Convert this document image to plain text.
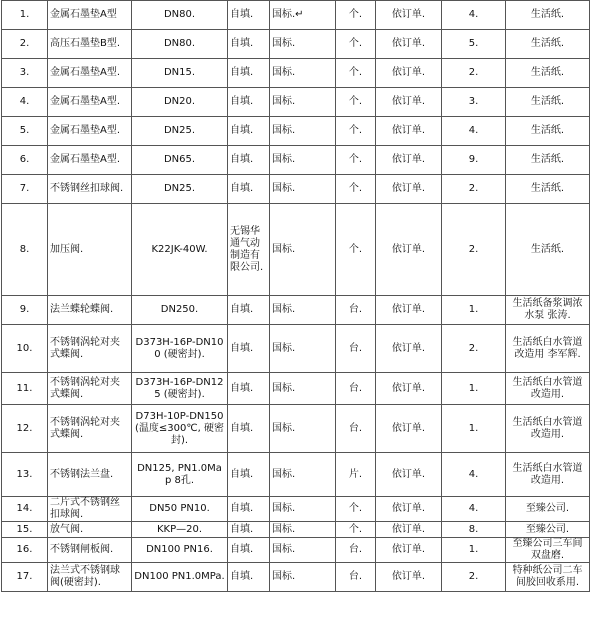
1.	金属石墨垫A型	DN80.	自填.	国标.↵	个.	依订单.	4.	生活纸.
2.	高压石墨垫B型.	DN80.	自填.	国标.	个.	依订单.	5.	生活纸.
3.	金属石墨垫A型.	DN15.	自填.	国标.	个.	依订单.	2.	生活纸.
4.	金属石墨垫A型.	DN20.	自填.	国标.	个.	依订单.	3.	生活纸.
5.	金属石墨垫A型.	DN25.	自填.	国标.	个.	依订单.	4.	生活纸.
6.	金属石墨垫A型.	DN65.	自填.	国标.	个.	依订单.	9.	生活纸.
7.	不锈钢丝扣球阀.	DN25.	自填.	国标.	个.	依订单.	2.	生活纸.
8.	加压阀.	K22JK-40W.	无锡华通气动制造有限公司.	国标.	个.	依订单.	2.	生活纸.
9.	法兰蝶轮蝶阀.	DN250.	自填.	国标.	台.	依订单.	1.	生活纸备浆调浓水泵 张涛.
10.	不锈钢涡轮对夹式蝶阀.	D373H-16P-DN100 (硬密封).	自填.	国标.	台.	依订单.	2.	生活纸白水管道改造用 李军辉.
11.	不锈钢涡轮对夹式蝶阀.	D373H-16P-DN125 (硬密封).	自填.	国标.	台.	依订单.	1.	生活纸白水管道改造用.
12.	不锈钢涡轮对夹式蝶阀.	D73H-10P-DN150(温度≤300℃, 硬密封).	自填.	国标.	台.	依订单.	1.	生活纸白水管道改造用.
13.	不锈钢法兰盘.	DN125, PN1.0Map 8孔.	自填.	国标.	片.	依订单.	4.	生活纸白水管道改造用.
14.	二片式不锈钢丝扣球阀.	DN50 PN10.	自填.	国标.	个.	依订单.	4.	至臻公司.
15.	放气阀.	KKP—20.	自填.	国标.	个.	依订单.	8.	至臻公司.
16.	不锈钢闸板阀.	DN100 PN16.	自填.	国标.	台.	依订单.	1.	至臻公司三车间双盘磨.
17.	法兰式不锈钢球阀(硬密封).	DN100 PN1.0MPa.	自填.	国标.	台.	依订单.	2.	特种纸公司二车间胶回收系用.
